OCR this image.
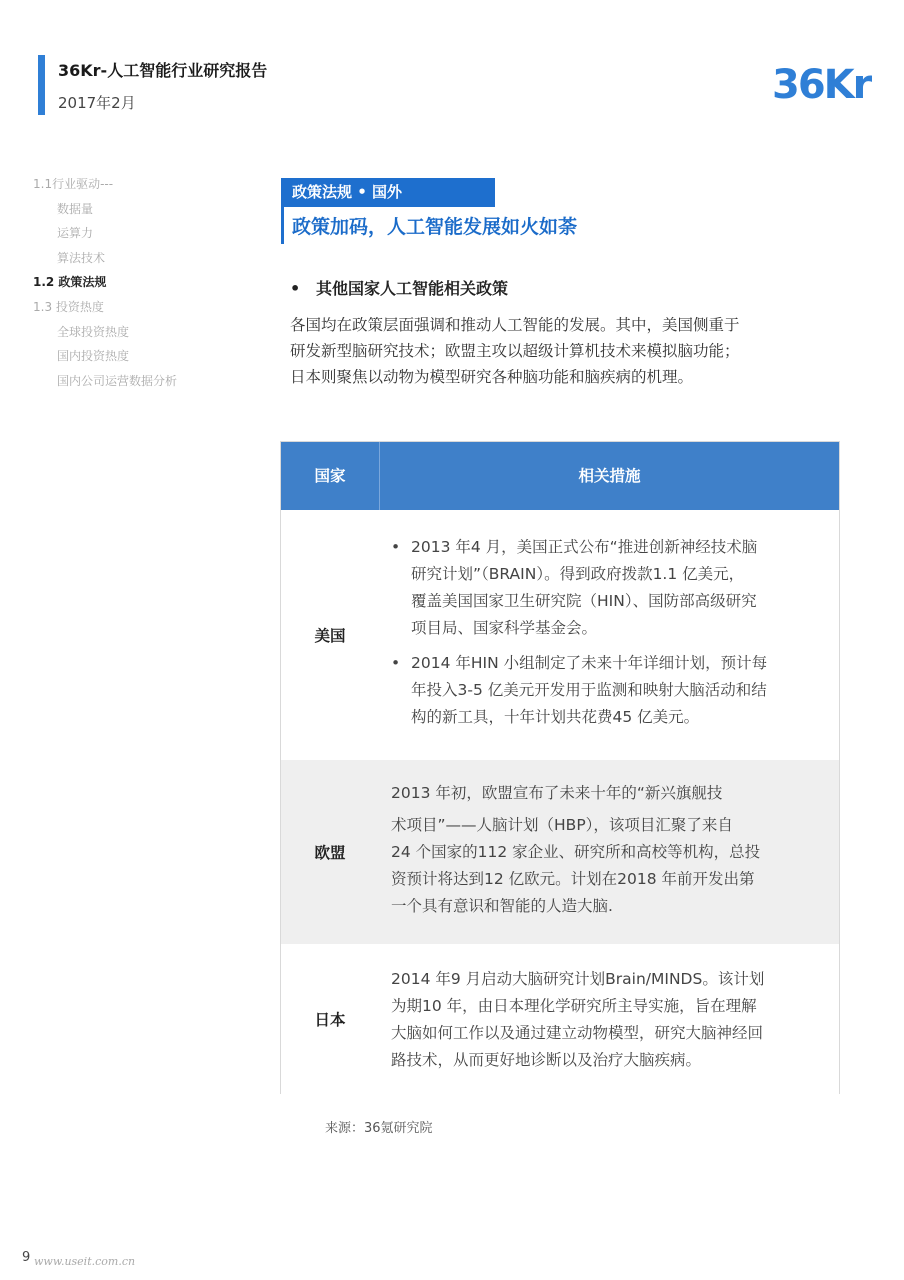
36Kr-人工智能行业研究报告
2017年2月	36Kr
1.1行业驱动---
数据量
运算力
算法技术
1.2 政策法规
1.3 投资热度
全球投资热度
国内投资热度
国内公司运营数据分析
政策法规 • 国外
政策加码，人工智能发展如火如荼
• 其他国家人工智能相关政策
各国均在政策层面强调和推动人工智能的发展。其中，美国侧重于
研发新型脑研究技术；欧盟主攻以超级计算机技术来模拟脑功能；
日本则聚焦以动物为模型研究各种脑功能和脑疾病的机理。
国家	相关措施
美国
• 2013 年4 月，美国正式公布“推进创新神经技术脑
研究计划”（BRAIN）。得到政府拨款1.1 亿美元，
覆盖美国国家卫生研究院（HIN）、国防部高级研究
项目局、国家科学基金会。
• 2014 年HIN 小组制定了未来十年详细计划，预计每
年投入3-5 亿美元开发用于监测和映射大脑活动和结
构的新工具，十年计划共花费45 亿美元。
欧盟
2013 年初，欧盟宣布了未来十年的“新兴旗舰技
术项目”——人脑计划（HBP），该项目汇聚了来自
24 个国家的112 家企业、研究所和高校等机构，总投
资预计将达到12 亿欧元。计划在2018 年前开发出第
一个具有意识和智能的人造大脑.
日本
2014 年9 月启动大脑研究计划Brain/MINDS。该计划
为期10 年，由日本理化学研究所主导实施，旨在理解
大脑如何工作以及通过建立动物模型，研究大脑神经回
路技术，从而更好地诊断以及治疗大脑疾病。
来源：36氪研究院
9 www.useit.com.cn
